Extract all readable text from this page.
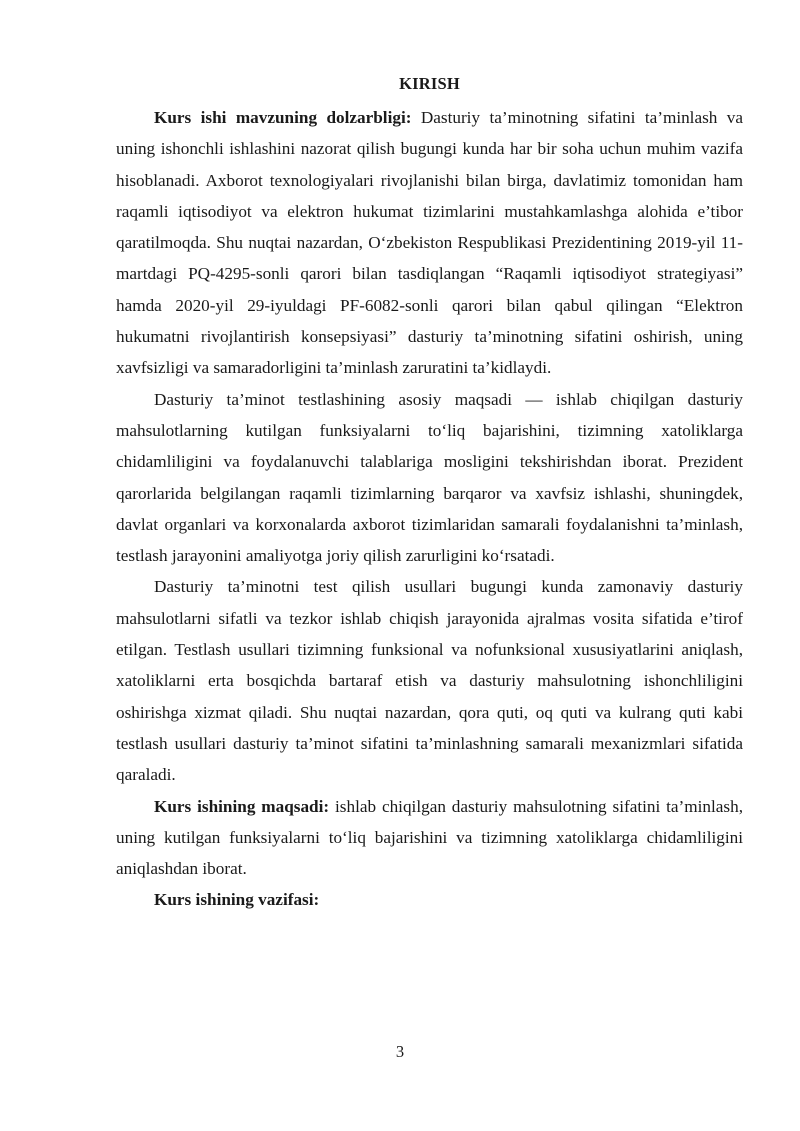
KIRISH

Kurs ishi mavzuning dolzarbligi: Dasturiy ta’minotning sifatini ta’minlash va uning ishonchli ishlashini nazorat qilish bugungi kunda har bir soha uchun muhim vazifa hisoblanadi. Axborot texnologiyalari rivojlanishi bilan birga, davlatimiz tomonidan ham raqamli iqtisodiyot va elektron hukumat tizimlarini mustahkamlashga alohida e’tibor qaratilmoqda. Shu nuqtai nazardan, O‘zbekiston Respublikasi Prezidentining 2019-yil 11-martdagi PQ-4295-sonli qarori bilan tasdiqlangan “Raqamli iqtisodiyot strategiyasi” hamda 2020-yil 29-iyuldagi PF-6082-sonli qarori bilan qabul qilingan “Elektron hukumatni rivojlantirish konsepsiyasi” dasturiy ta’minotning sifatini oshirish, uning xavfsizligi va samaradorligini ta’minlash zaruratini ta’kidlaydi.

Dasturiy ta’minot testlashining asosiy maqsadi — ishlab chiqilgan dasturiy mahsulotlarning kutilgan funksiyalarni to‘liq bajarishini, tizimning xatoliklarga chidamliligini va foydalanuvchi talablariga mosligini tekshirishdan iborat. Prezident qarorlarida belgilangan raqamli tizimlarning barqaror va xavfsiz ishlashi, shuningdek, davlat organlari va korxonalarda axborot tizimlaridan samarali foydalanishni ta’minlash, testlash jarayonini amaliyotga joriy qilish zarurligini ko‘rsatadi.

Dasturiy ta’minotni test qilish usullari bugungi kunda zamonaviy dasturiy mahsulotlarni sifatli va tezkor ishlab chiqish jarayonida ajralmas vosita sifatida e’tirof etilgan. Testlash usullari tizimning funksional va nofunksional xususiyatlarini aniqlash, xatoliklarni erta bosqichda bartaraf etish va dasturiy mahsulotning ishonchliligini oshirishga xizmat qiladi. Shu nuqtai nazardan, qora quti, oq quti va kulrang quti kabi testlash usullari dasturiy ta’minot sifatini ta’minlashning samarali mexanizmlari sifatida qaraladi.

Kurs ishining maqsadi: ishlab chiqilgan dasturiy mahsulotning sifatini ta’minlash, uning kutilgan funksiyalarni to‘liq bajarishini va tizimning xatoliklarga chidamliligini aniqlashdan iborat.

Kurs ishining vazifasi:

3
